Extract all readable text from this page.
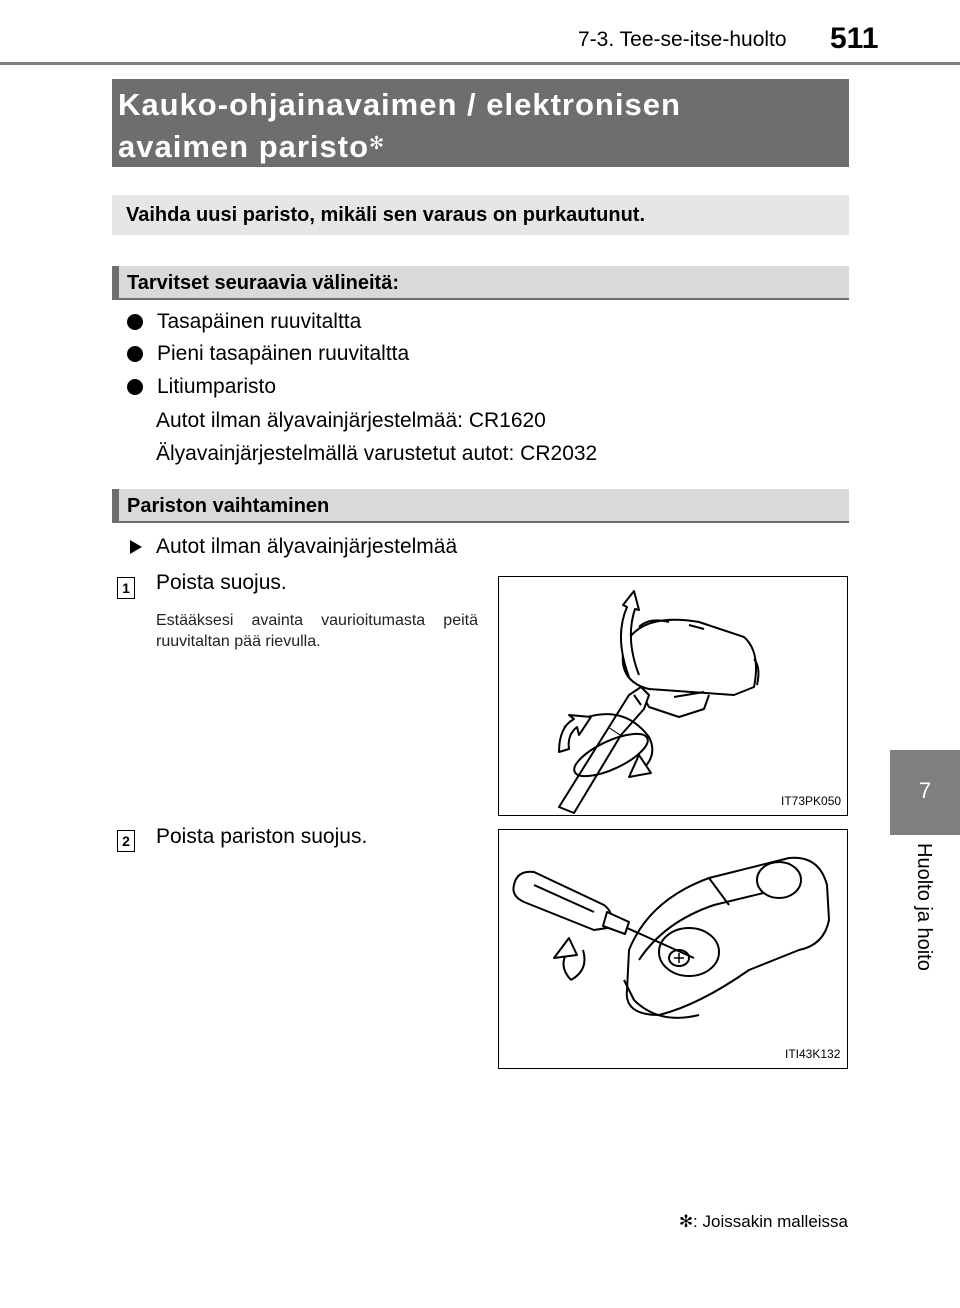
7-3. Tee-se-itse-huolto 511
7
Huolto ja hoito
Kauko-ohjainavaimen / elektronisen
avaimen paristo✻
Vaihda uusi paristo, mikäli sen varaus on purkautunut.
Tarvitset seuraavia välineitä:
Tasapäinen ruuvitaltta
Pieni tasapäinen ruuvitaltta
Litiumparisto
Autot ilman älyavainjärjestelmää: CR1620
Älyavainjärjestelmällä varustetut autot: CR2032
Pariston vaihtaminen
Autot ilman älyavainjärjestelmää
1 Poista suojus.
Estääksesi avainta vaurioitumasta peitä ruuvitaltan pää rievulla.
IT73PK050
2 Poista pariston suojus.
ITI43K132
✻: Joissakin malleissa
